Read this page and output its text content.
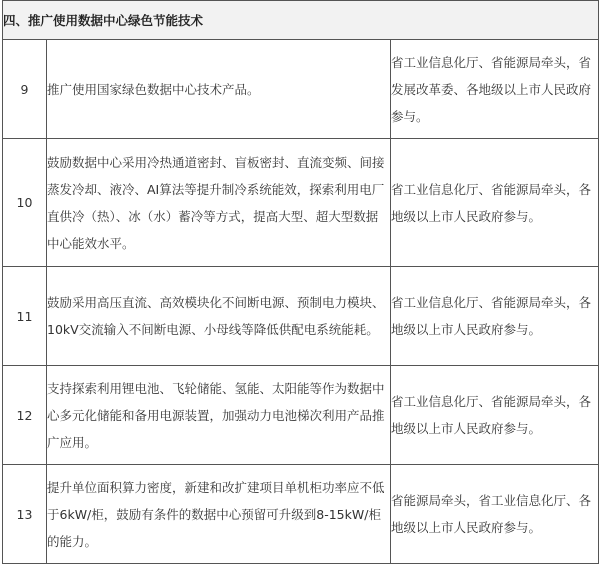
四、推广使用数据中心绿色节能技术		
9	推广使用国家绿色数据中心技术产品。	省工业信息化厅、省能源局牵头，省发展改革委、各地级以上市人民政府参与。
10	鼓励数据中心采用冷热通道密封、盲板密封、直流变频、间接蒸发冷却、液冷、AI算法等提升制冷系统能效，探索利用电厂直供冷（热）、冰（水）蓄冷等方式，提高大型、超大型数据中心能效水平。	省工业信息化厅、省能源局牵头，各地级以上市人民政府参与。
11	鼓励采用高压直流、高效模块化不间断电源、预制电力模块、10kV交流输入不间断电源、小母线等降低供配电系统能耗。	省工业信息化厅、省能源局牵头，各地级以上市人民政府参与。
12	支持探索利用锂电池、飞轮储能、氢能、太阳能等作为数据中心多元化储能和备用电源装置，加强动力电池梯次利用产品推广应用。	省工业信息化厅、省能源局牵头，各地级以上市人民政府参与。
13	提升单位面积算力密度，新建和改扩建项目单机柜功率应不低于6kW/柜，鼓励有条件的数据中心预留可升级到8-15kW/柜的能力。	省能源局牵头，省工业信息化厅、各地级以上市人民政府参与。
